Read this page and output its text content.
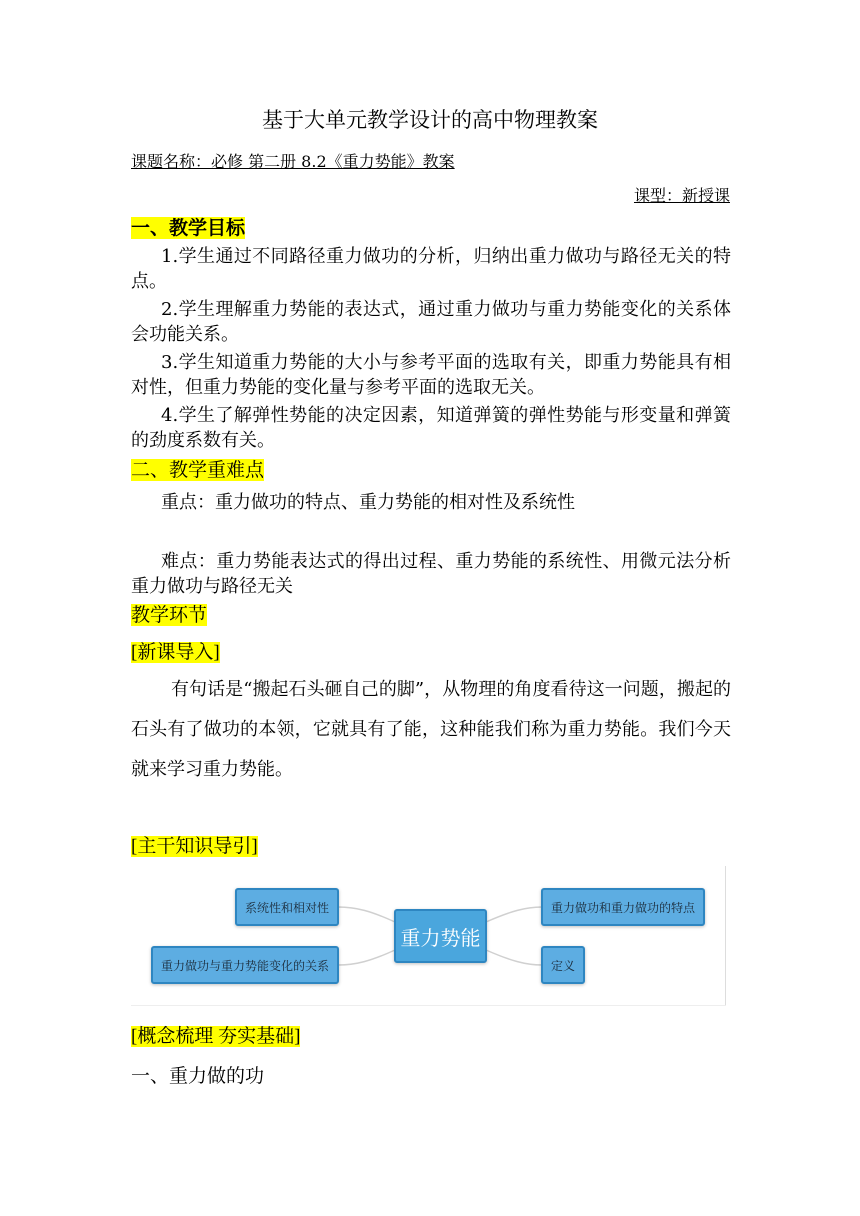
基于大单元教学设计的高中物理教案
课题名称：必修 第二册 8.2《重力势能》教案
课型：新授课
一、教学目标
1.学生通过不同路径重力做功的分析，归纳出重力做功与路径无关的特点。
2.学生理解重力势能的表达式，通过重力做功与重力势能变化的关系体会功能关系。
3.学生知道重力势能的大小与参考平面的选取有关，即重力势能具有相对性，但重力势能的变化量与参考平面的选取无关。
4.学生了解弹性势能的决定因素，知道弹簧的弹性势能与形变量和弹簧的劲度系数有关。
二、教学重难点
重点：重力做功的特点、重力势能的相对性及系统性
难点：重力势能表达式的得出过程、重力势能的系统性、用微元法分析重力做功与路径无关
教学环节
[新课导入]
有句话是“搬起石头砸自己的脚”，从物理的角度看待这一问题，搬起的石头有了做功的本领，它就具有了能，这种能我们称为重力势能。我们今天就来学习重力势能。
[主干知识导引]
系统性和相对性
重力做功与重力势能变化的关系
重力势能
重力做功和重力做功的特点
定义
[概念梳理 夯实基础]
一、重力做的功
